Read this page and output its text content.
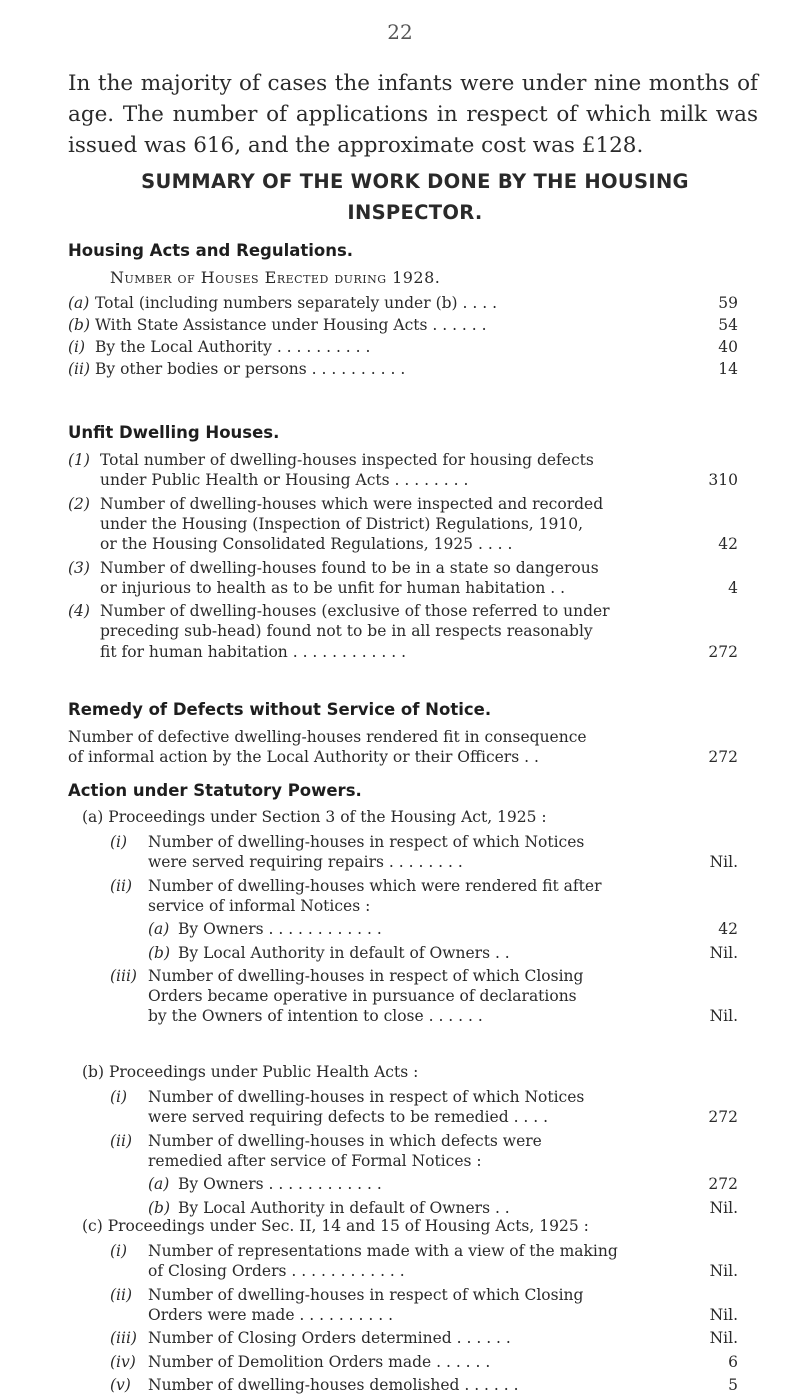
22
In the majority of cases the infants were under nine months of age. The number of applications in respect of which milk was issued was 616, and the approximate cost was £128.
SUMMARY OF THE WORK DONE BY THE HOUSING
INSPECTOR.
Housing Acts and Regulations.
Number of Houses Erected during 1928.
(a) Total (including numbers separately under (b) . . . .	59
(b) With State Assistance under Housing Acts . . . . . .	54
(i) By the Local Authority . . . . . . . . . .	40
(ii) By other bodies or persons . . . . . . . . . .	14
Unfit Dwelling Houses.
(1) Total number of dwelling-houses inspected for housing defects
under Public Health or Housing Acts . . . . . . . .	310
(2) Number of dwelling-houses which were inspected and recorded
under the Housing (Inspection of District) Regulations, 1910,
or the Housing Consolidated Regulations, 1925 . . . .	42
(3) Number of dwelling-houses found to be in a state so dangerous
or injurious to health as to be unfit for human habitation . .	4
(4) Number of dwelling-houses (exclusive of those referred to under
preceding sub-head) found not to be in all respects reasonably
fit for human habitation . . . . . . . . . . . .	272
Remedy of Defects without Service of Notice.
Number of defective dwelling-houses rendered fit in consequence
of informal action by the Local Authority or their Officers . .	272
Action under Statutory Powers.
(a) Proceedings under Section 3 of the Housing Act, 1925 :
(i) Number of dwelling-houses in respect of which Notices
were served requiring repairs . . . . . . . .	Nil.
(ii) Number of dwelling-houses which were rendered fit after
service of informal Notices :
(a) By Owners . . . . . . . . . . . .	42
(b) By Local Authority in default of Owners . .	Nil.
(iii) Number of dwelling-houses in respect of which Closing
Orders became operative in pursuance of declarations
by the Owners of intention to close . . . . . .	Nil.
(b) Proceedings under Public Health Acts :
(i) Number of dwelling-houses in respect of which Notices
were served requiring defects to be remedied . . . .	272
(ii) Number of dwelling-houses in which defects were
remedied after service of Formal Notices :
(a) By Owners . . . . . . . . . . . .	272
(b) By Local Authority in default of Owners . .	Nil.
(c) Proceedings under Sec. II, 14 and 15 of Housing Acts, 1925 :
(i) Number of representations made with a view of the making
of Closing Orders . . . . . . . . . . . .	Nil.
(ii) Number of dwelling-houses in respect of which Closing
Orders were made . . . . . . . . . .	Nil.
(iii) Number of Closing Orders determined . . . . . .	Nil.
(iv) Number of Demolition Orders made . . . . . .	6
(v) Number of dwelling-houses demolished . . . . . .	5
